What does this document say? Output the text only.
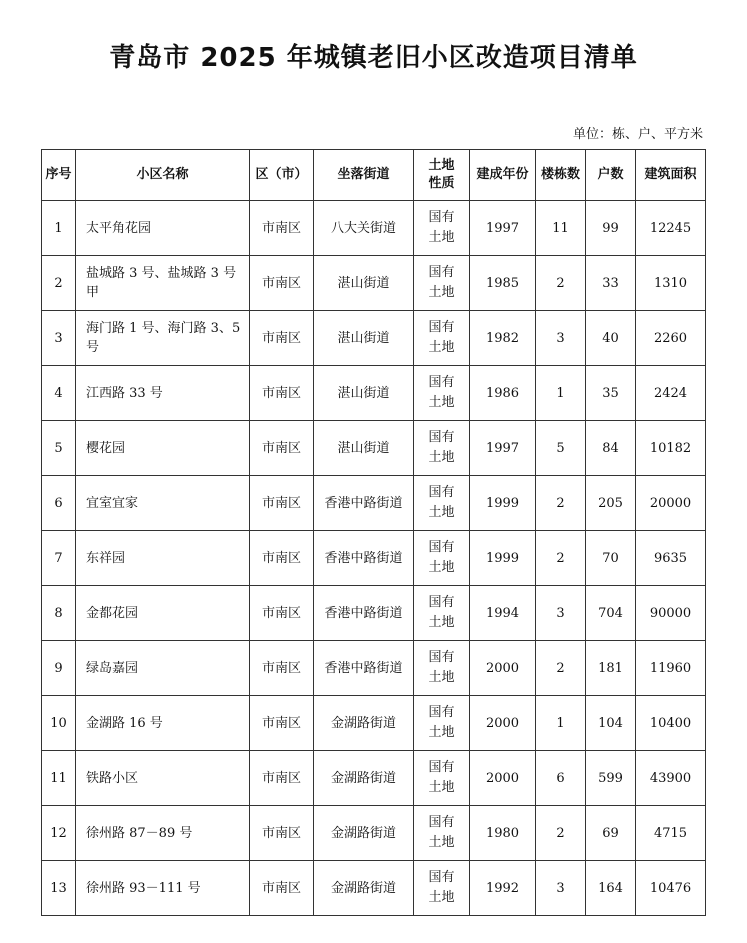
青岛市 2025 年城镇老旧小区改造项目清单
单位：栋、户、平方米
序号	小区名称	区（市）	坐落街道	土地性质	建成年份	楼栋数	户数	建筑面积
1	太平角花园	市南区	八大关街道	国有土地	1997	11	99	12245
2	盐城路 3 号、盐城路 3 号甲	市南区	湛山街道	国有土地	1985	2	33	1310
3	海门路 1 号、海门路 3、5 号	市南区	湛山街道	国有土地	1982	3	40	2260
4	江西路 33 号	市南区	湛山街道	国有土地	1986	1	35	2424
5	樱花园	市南区	湛山街道	国有土地	1997	5	84	10182
6	宜室宜家	市南区	香港中路街道	国有土地	1999	2	205	20000
7	东祥园	市南区	香港中路街道	国有土地	1999	2	70	9635
8	金都花园	市南区	香港中路街道	国有土地	1994	3	704	90000
9	绿岛嘉园	市南区	香港中路街道	国有土地	2000	2	181	11960
10	金湖路 16 号	市南区	金湖路街道	国有土地	2000	1	104	10400
11	铁路小区	市南区	金湖路街道	国有土地	2000	6	599	43900
12	徐州路 87－89 号	市南区	金湖路街道	国有土地	1980	2	69	4715
13	徐州路 93－111 号	市南区	金湖路街道	国有土地	1992	3	164	10476
